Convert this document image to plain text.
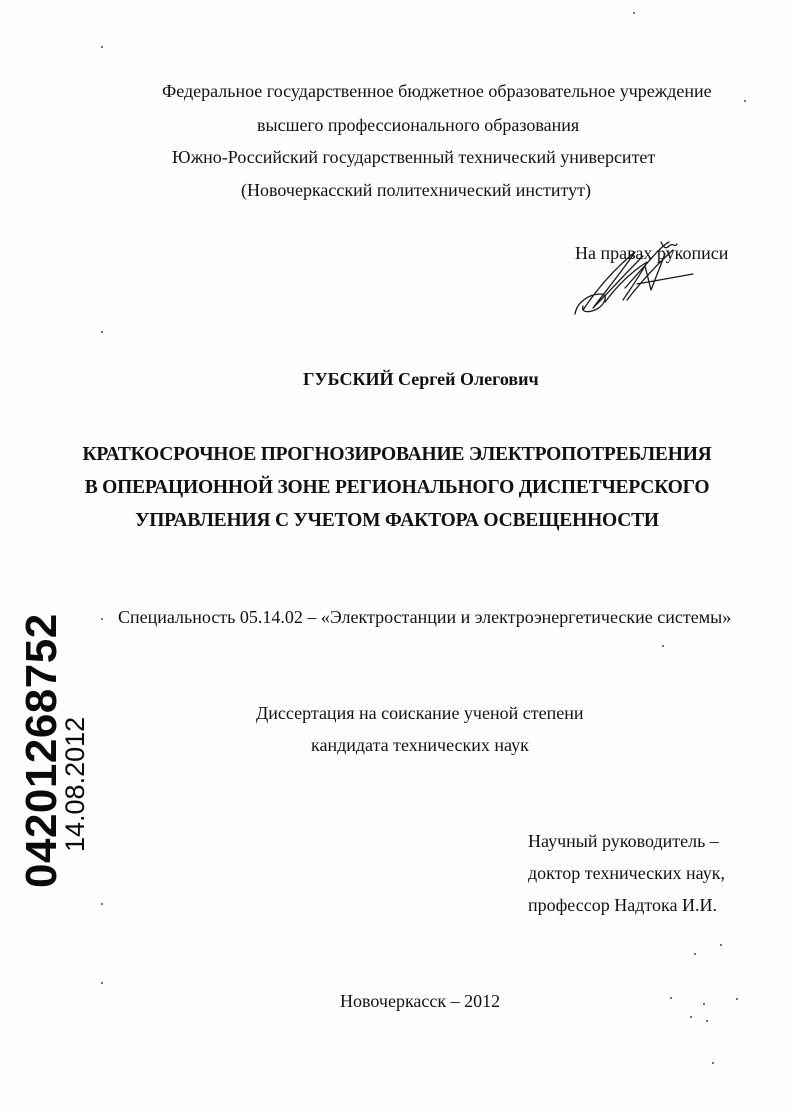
Федеральное государственное бюджетное образовательное учреждение
высшего профессионального образования
Южно-Российский государственный технический университет
(Новочеркасский политехнический институт)
На правах рукописи
ГУБСКИЙ Сергей Олегович
КРАТКОСРОЧНОЕ ПРОГНОЗИРОВАНИЕ ЭЛЕКТРОПОТРЕБЛЕНИЯ
В ОПЕРАЦИОННОЙ ЗОНЕ РЕГИОНАЛЬНОГО ДИСПЕТЧЕРСКОГО
УПРАВЛЕНИЯ С УЧЕТОМ ФАКТОРА ОСВЕЩЕННОСТИ
Специальность 05.14.02 – «Электростанции и электроэнергетические системы»
Диссертация на соискание ученой степени
кандидата технических наук
Научный руководитель –
доктор технических наук,
профессор Надтока И.И.
Новочеркасск – 2012
04201268752
14.08.2012
